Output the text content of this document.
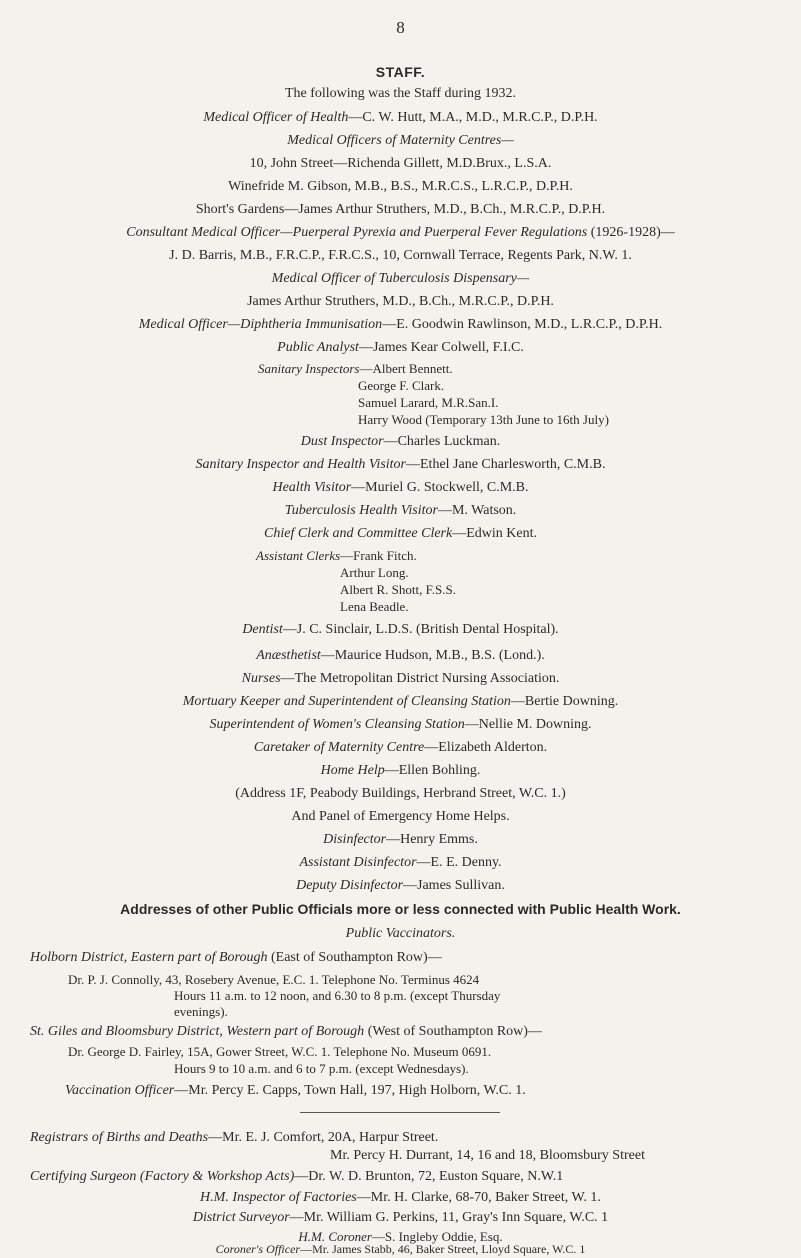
8
STAFF.
The following was the Staff during 1932.
Medical Officer of Health—C. W. Hutt, M.A., M.D., M.R.C.P., D.P.H.
Medical Officers of Maternity Centres—
10, John Street—Richenda Gillett, M.D.Brux., L.S.A.
Winefride M. Gibson, M.B., B.S., M.R.C.S., L.R.C.P., D.P.H.
Short's Gardens—James Arthur Struthers, M.D., B.Ch., M.R.C.P., D.P.H.
Consultant Medical Officer—Puerperal Pyrexia and Puerperal Fever Regulations (1926-1928)—
J. D. Barris, M.B., F.R.C.P., F.R.C.S., 10, Cornwall Terrace, Regents Park, N.W. 1.
Medical Officer of Tuberculosis Dispensary—
James Arthur Struthers, M.D., B.Ch., M.R.C.P., D.P.H.
Medical Officer—Diphtheria Immunisation—E. Goodwin Rawlinson, M.D., L.R.C.P., D.P.H.
Public Analyst—James Kear Colwell, F.I.C.
Sanitary Inspectors—Albert Bennett.
George F. Clark.
Samuel Larard, M.R.San.I.
Harry Wood (Temporary 13th June to 16th July)
Dust Inspector—Charles Luckman.
Sanitary Inspector and Health Visitor—Ethel Jane Charlesworth, C.M.B.
Health Visitor—Muriel G. Stockwell, C.M.B.
Tuberculosis Health Visitor—M. Watson.
Chief Clerk and Committee Clerk—Edwin Kent.
Assistant Clerks—Frank Fitch.
Arthur Long.
Albert R. Shott, F.S.S.
Lena Beadle.
Dentist—J. C. Sinclair, L.D.S. (British Dental Hospital).
Anæsthetist—Maurice Hudson, M.B., B.S. (Lond.).
Nurses—The Metropolitan District Nursing Association.
Mortuary Keeper and Superintendent of Cleansing Station—Bertie Downing.
Superintendent of Women's Cleansing Station—Nellie M. Downing.
Caretaker of Maternity Centre—Elizabeth Alderton.
Home Help—Ellen Bohling.
(Address 1F, Peabody Buildings, Herbrand Street, W.C. 1.)
And Panel of Emergency Home Helps.
Disinfector—Henry Emms.
Assistant Disinfector—E. E. Denny.
Deputy Disinfector—James Sullivan.
Addresses of other Public Officials more or less connected with Public Health Work.
Public Vaccinators.
Holborn District, Eastern part of Borough (East of Southampton Row)—
Dr. P. J. Connolly, 43, Rosebery Avenue, E.C. 1. Telephone No. Terminus 4624
Hours 11 a.m. to 12 noon, and 6.30 to 8 p.m. (except Thursday
evenings).
St. Giles and Bloomsbury District, Western part of Borough (West of Southampton Row)—
Dr. George D. Fairley, 15A, Gower Street, W.C. 1. Telephone No. Museum 0691.
Hours 9 to 10 a.m. and 6 to 7 p.m. (except Wednesdays).
Vaccination Officer—Mr. Percy E. Capps, Town Hall, 197, High Holborn, W.C. 1.
Registrars of Births and Deaths—Mr. E. J. Comfort, 20A, Harpur Street.
Mr. Percy H. Durrant, 14, 16 and 18, Bloomsbury Street
Certifying Surgeon (Factory & Workshop Acts)—Dr. W. D. Brunton, 72, Euston Square, N.W.1
H.M. Inspector of Factories—Mr. H. Clarke, 68-70, Baker Street, W. 1.
District Surveyor—Mr. William G. Perkins, 11, Gray's Inn Square, W.C. 1
H.M. Coroner—S. Ingleby Oddie, Esq.
Coroner's Officer—Mr. James Stabb, 46, Baker Street, Lloyd Square, W.C. 1
